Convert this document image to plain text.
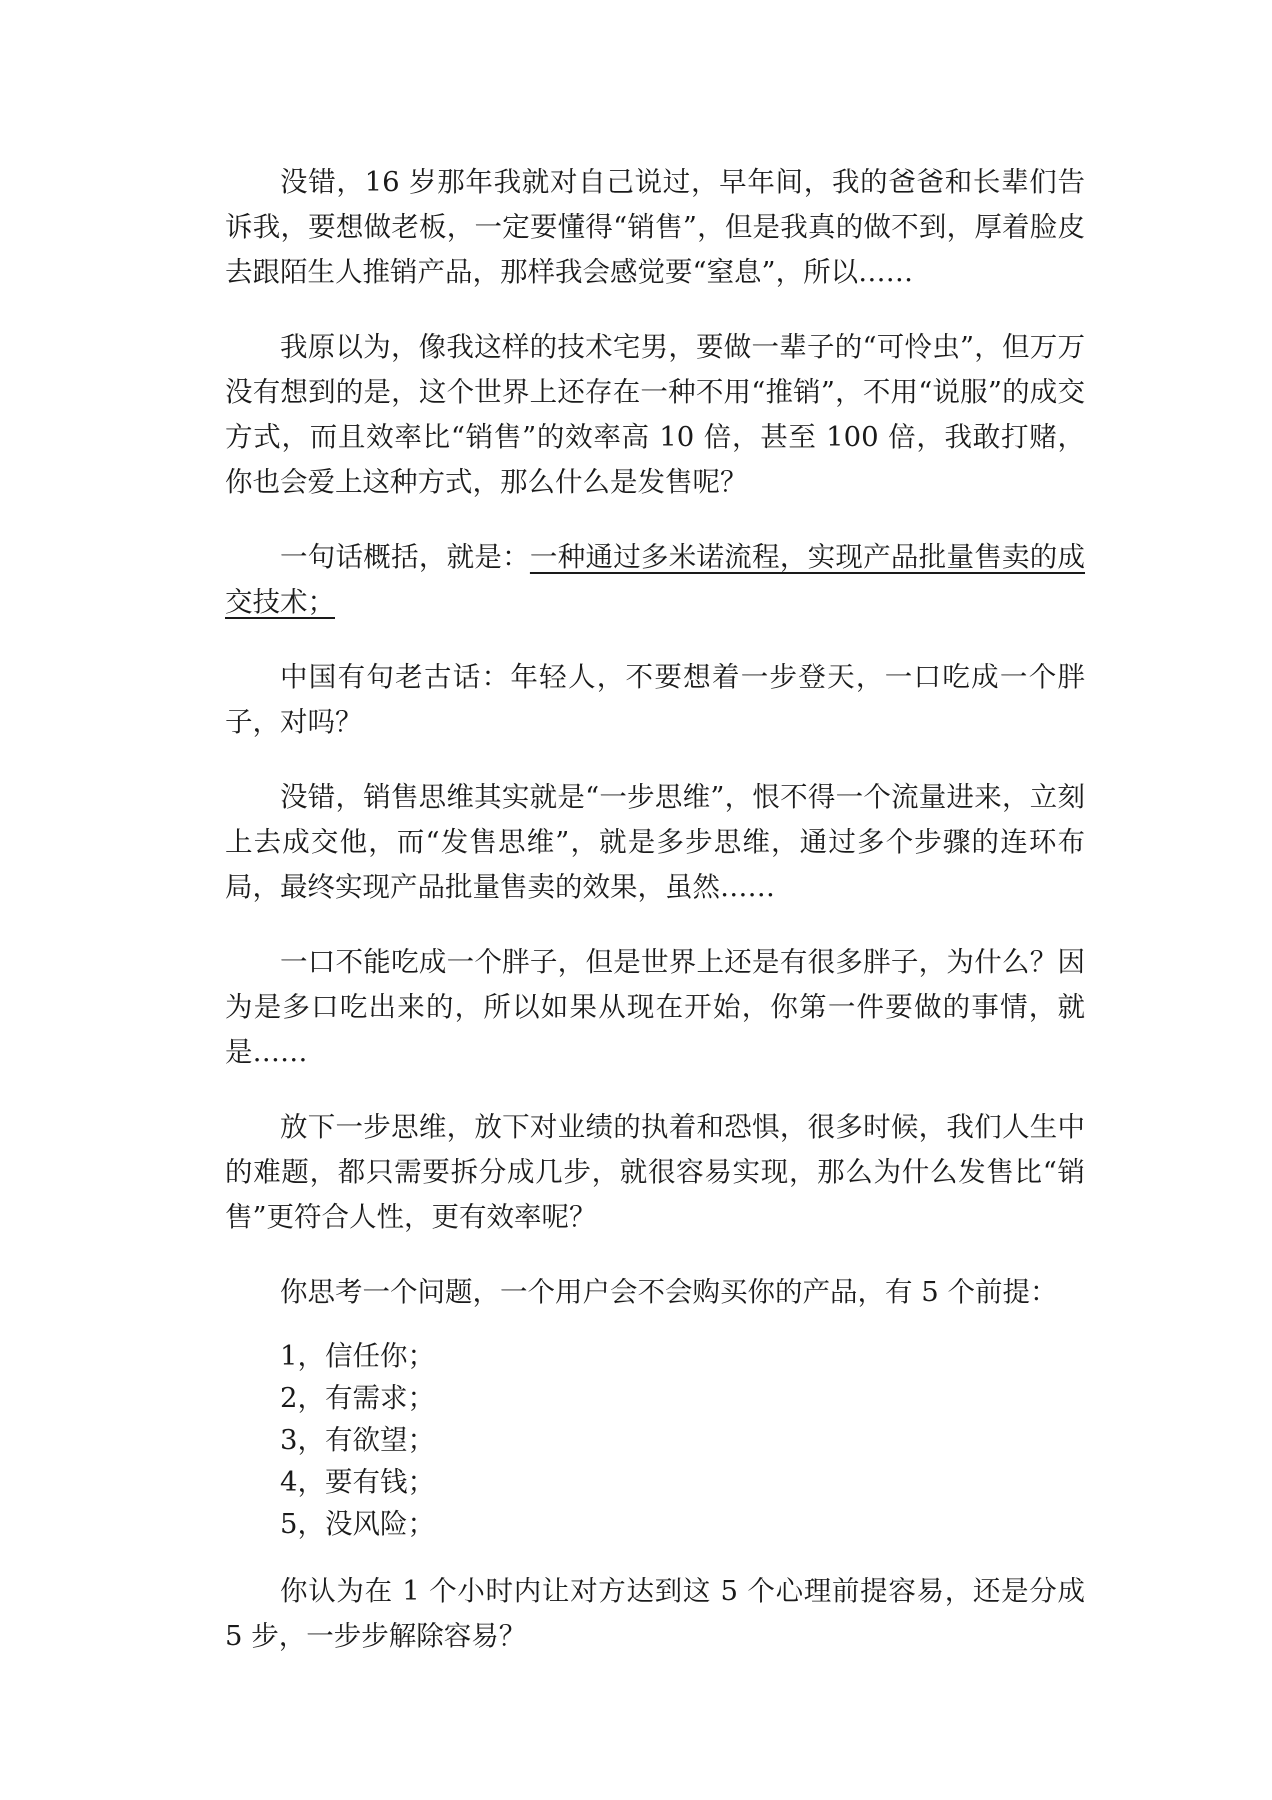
没错，16 岁那年我就对自己说过，早年间，我的爸爸和长辈们告诉我，要想做老板，一定要懂得“销售”，但是我真的做不到，厚着脸皮去跟陌生人推销产品，那样我会感觉要“窒息”，所以……

我原以为，像我这样的技术宅男，要做一辈子的“可怜虫”，但万万没有想到的是，这个世界上还存在一种不用“推销”，不用“说服”的成交方式，而且效率比“销售”的效率高 10 倍，甚至 100 倍，我敢打赌，你也会爱上这种方式，那么什么是发售呢？

一句话概括，就是：一种通过多米诺流程，实现产品批量售卖的成交技术；

中国有句老古话：年轻人，不要想着一步登天，一口吃成一个胖子，对吗？

没错，销售思维其实就是“一步思维”，恨不得一个流量进来，立刻上去成交他，而“发售思维”，就是多步思维，通过多个步骤的连环布局，最终实现产品批量售卖的效果，虽然……

一口不能吃成一个胖子，但是世界上还是有很多胖子，为什么？因为是多口吃出来的，所以如果从现在开始，你第一件要做的事情，就是……

放下一步思维，放下对业绩的执着和恐惧，很多时候，我们人生中的难题，都只需要拆分成几步，就很容易实现，那么为什么发售比“销售”更符合人性，更有效率呢？

你思考一个问题，一个用户会不会购买你的产品，有 5 个前提：

1，信任你；
2，有需求；
3，有欲望；
4，要有钱；
5，没风险；

你认为在 1 个小时内让对方达到这 5 个心理前提容易，还是分成 5 步，一步步解除容易？
